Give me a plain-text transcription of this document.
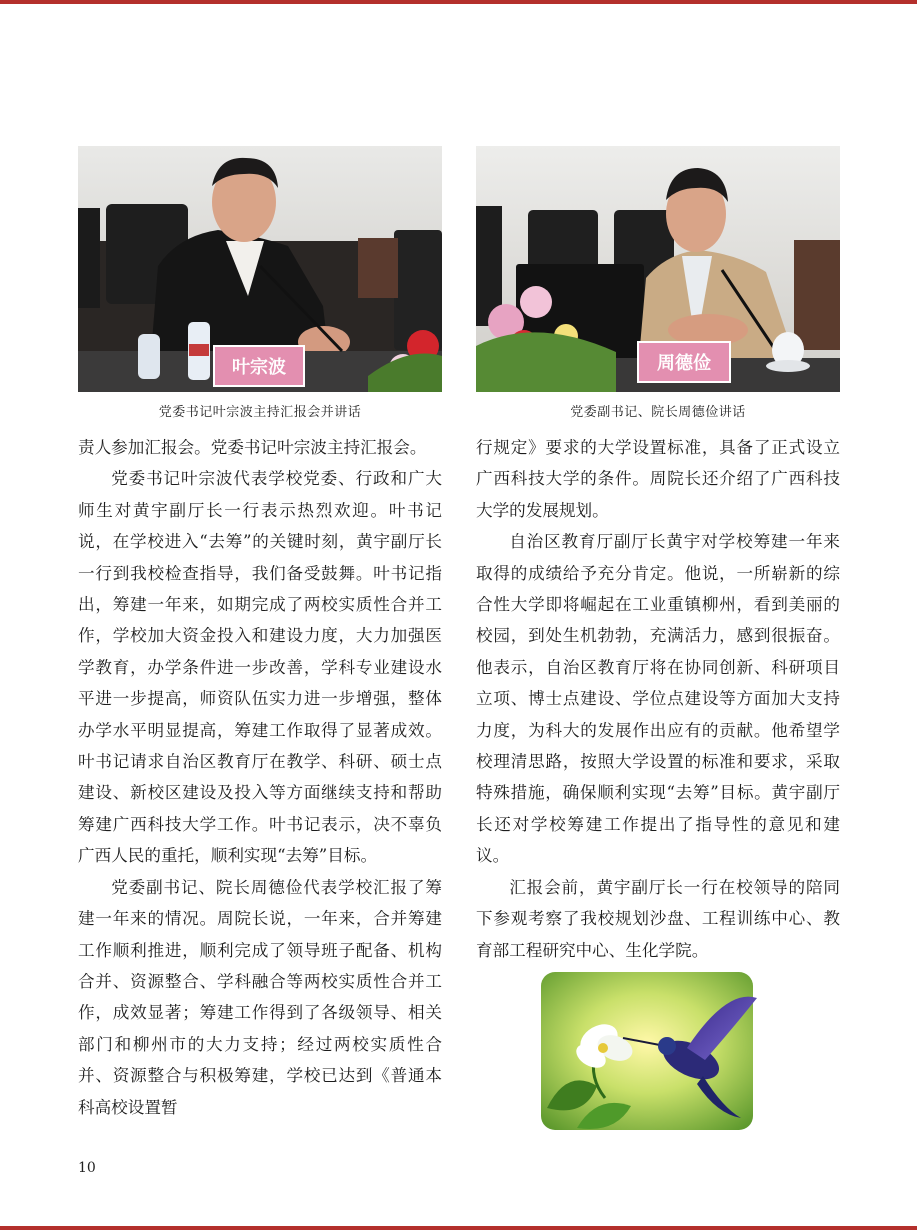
叶宗波	周德俭
党委书记叶宗波主持汇报会并讲话	党委副书记、院长周德俭讲话

责人参加汇报会。党委书记叶宗波主持汇报会。

党委书记叶宗波代表学校党委、行政和广大师生对黄宇副厅长一行表示热烈欢迎。叶书记说，在学校进入“去筹”的关键时刻，黄宇副厅长一行到我校检查指导，我们备受鼓舞。叶书记指出，筹建一年来，如期完成了两校实质性合并工作，学校加大资金投入和建设力度，大力加强医学教育，办学条件进一步改善，学科专业建设水平进一步提高，师资队伍实力进一步增强，整体办学水平明显提高，筹建工作取得了显著成效。叶书记请求自治区教育厅在教学、科研、硕士点建设、新校区建设及投入等方面继续支持和帮助筹建广西科技大学工作。叶书记表示，决不辜负广西人民的重托，顺利实现“去筹”目标。

党委副书记、院长周德俭代表学校汇报了筹建一年来的情况。周院长说，一年来，合并筹建工作顺利推进，顺利完成了领导班子配备、机构合并、资源整合、学科融合等两校实质性合并工作，成效显著；筹建工作得到了各级领导、相关部门和柳州市的大力支持；经过两校实质性合并、资源整合与积极筹建，学校已达到《普通本科高校设置暂

行规定》要求的大学设置标准，具备了正式设立广西科技大学的条件。周院长还介绍了广西科技大学的发展规划。

自治区教育厅副厅长黄宇对学校筹建一年来取得的成绩给予充分肯定。他说，一所崭新的综合性大学即将崛起在工业重镇柳州，看到美丽的校园，到处生机勃勃，充满活力，感到很振奋。他表示，自治区教育厅将在协同创新、科研项目立项、博士点建设、学位点建设等方面加大支持力度，为科大的发展作出应有的贡献。他希望学校理清思路，按照大学设置的标准和要求，采取特殊措施，确保顺利实现“去筹”目标。黄宇副厅长还对学校筹建工作提出了指导性的意见和建议。

汇报会前，黄宇副厅长一行在校领导的陪同下参观考察了我校规划沙盘、工程训练中心、教育部工程研究中心、生化学院。

10
